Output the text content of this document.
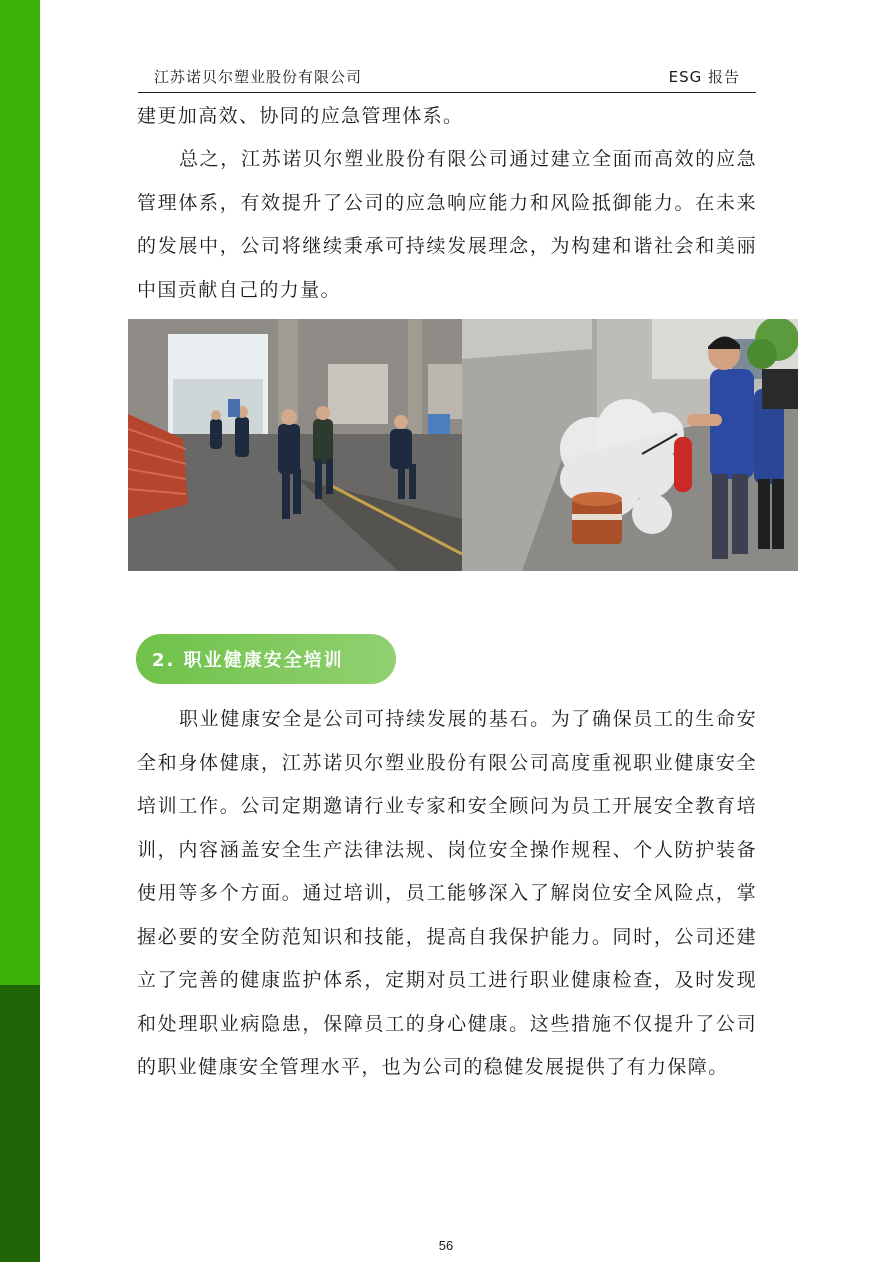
江苏诺贝尔塑业股份有限公司	ESG 报告

建更加高效、协同的应急管理体系。

总之，江苏诺贝尔塑业股份有限公司通过建立全面而高效的应急管理体系，有效提升了公司的应急响应能力和风险抵御能力。在未来的发展中，公司将继续秉承可持续发展理念，为构建和谐社会和美丽中国贡献自己的力量。

2. 职业健康安全培训

职业健康安全是公司可持续发展的基石。为了确保员工的生命安全和身体健康，江苏诺贝尔塑业股份有限公司高度重视职业健康安全培训工作。公司定期邀请行业专家和安全顾问为员工开展安全教育培训，内容涵盖安全生产法律法规、岗位安全操作规程、个人防护装备使用等多个方面。通过培训，员工能够深入了解岗位安全风险点，掌握必要的安全防范知识和技能，提高自我保护能力。同时，公司还建立了完善的健康监护体系，定期对员工进行职业健康检查，及时发现和处理职业病隐患，保障员工的身心健康。这些措施不仅提升了公司的职业健康安全管理水平，也为公司的稳健发展提供了有力保障。

56
